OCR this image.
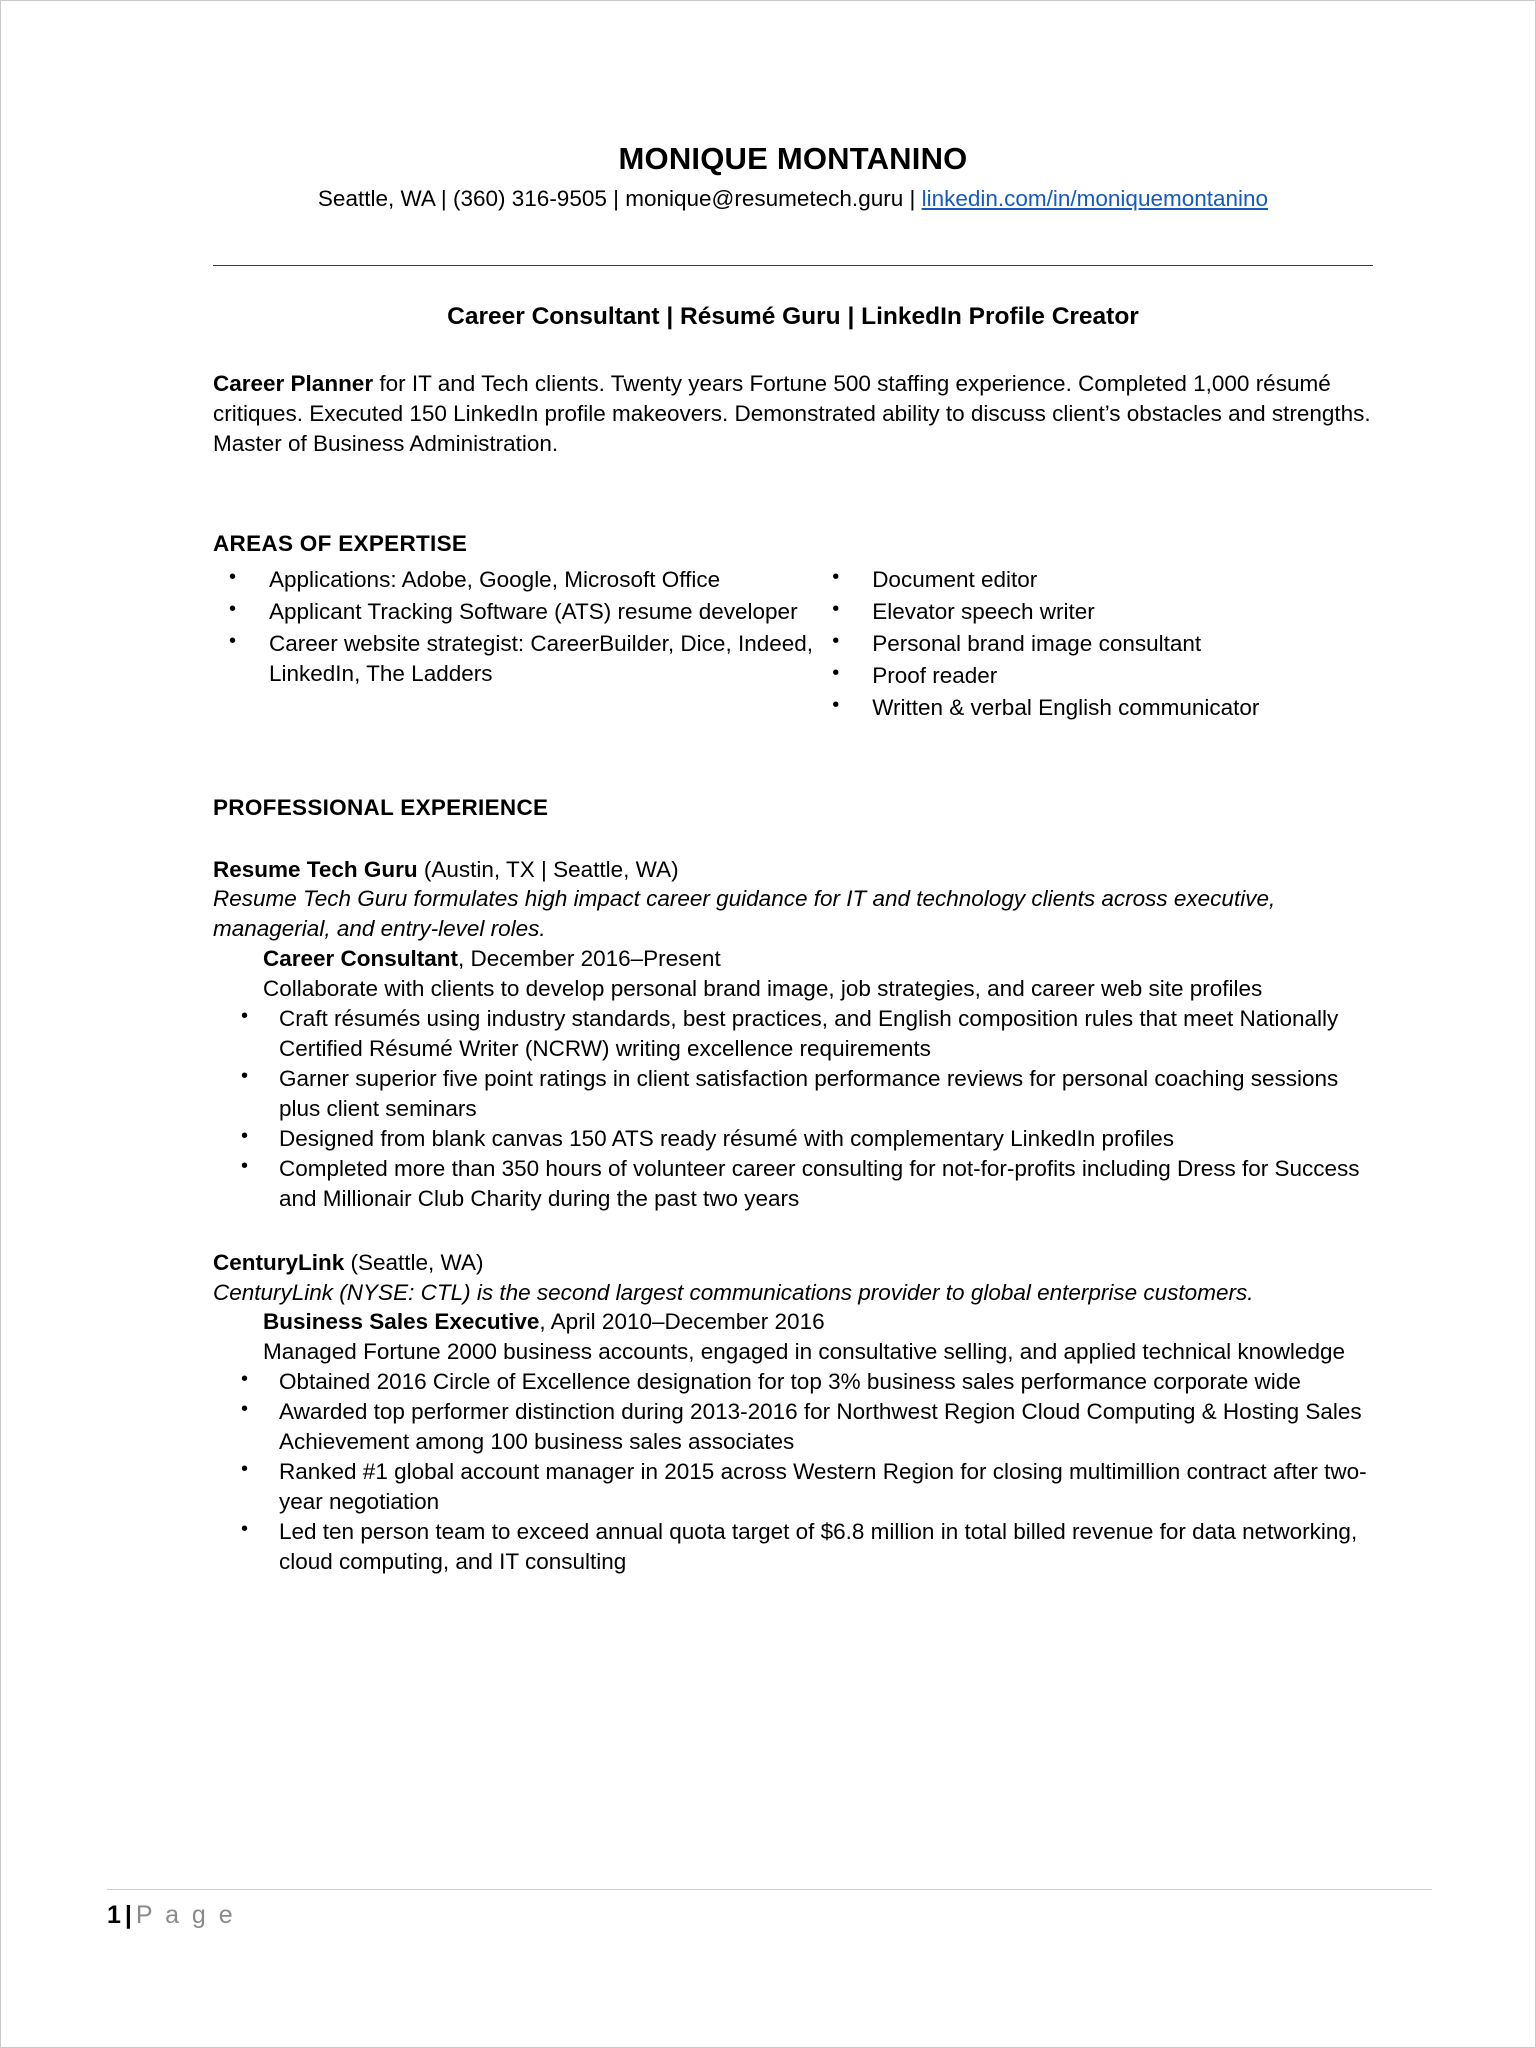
MONIQUE MONTANINO
Seattle, WA | (360) 316-9505 | monique@resumetech.guru | linkedin.com/in/moniquemontanino
Career Consultant | Résumé Guru | LinkedIn Profile Creator

Career Planner for IT and Tech clients. Twenty years Fortune 500 staffing experience. Completed 1,000 résumé critiques. Executed 150 LinkedIn profile makeovers. Demonstrated ability to discuss client’s obstacles and strengths. Master of Business Administration.

AREAS OF EXPERTISE
• Applications: Adobe, Google, Microsoft Office
• Applicant Tracking Software (ATS) resume developer
• Career website strategist: CareerBuilder, Dice, Indeed, LinkedIn, The Ladders
• Document editor
• Elevator speech writer
• Personal brand image consultant
• Proof reader
• Written & verbal English communicator
PROFESSIONAL EXPERIENCE

Resume Tech Guru (Austin, TX | Seattle, WA)

Resume Tech Guru formulates high impact career guidance for IT and technology clients across executive, managerial, and entry-level roles.

Career Consultant, December 2016–Present

Collaborate with clients to develop personal brand image, job strategies, and career web site profiles

• Craft résumés using industry standards, best practices, and English composition rules that meet Nationally Certified Résumé Writer (NCRW) writing excellence requirements
• Garner superior five point ratings in client satisfaction performance reviews for personal coaching sessions plus client seminars
• Designed from blank canvas 150 ATS ready résumé with complementary LinkedIn profiles
• Completed more than 350 hours of volunteer career consulting for not-for-profits including Dress for Success and Millionair Club Charity during the past two years

CenturyLink (Seattle, WA)

CenturyLink (NYSE: CTL) is the second largest communications provider to global enterprise customers.

Business Sales Executive, April 2010–December 2016

Managed Fortune 2000 business accounts, engaged in consultative selling, and applied technical knowledge

• Obtained 2016 Circle of Excellence designation for top 3% business sales performance corporate wide
• Awarded top performer distinction during 2013-2016 for Northwest Region Cloud Computing & Hosting Sales Achievement among 100 business sales associates
• Ranked #1 global account manager in 2015 across Western Region for closing multimillion contract after two-year negotiation
• Led ten person team to exceed annual quota target of $6.8 million in total billed revenue for data networking, cloud computing, and IT consulting
1 | P a g e
